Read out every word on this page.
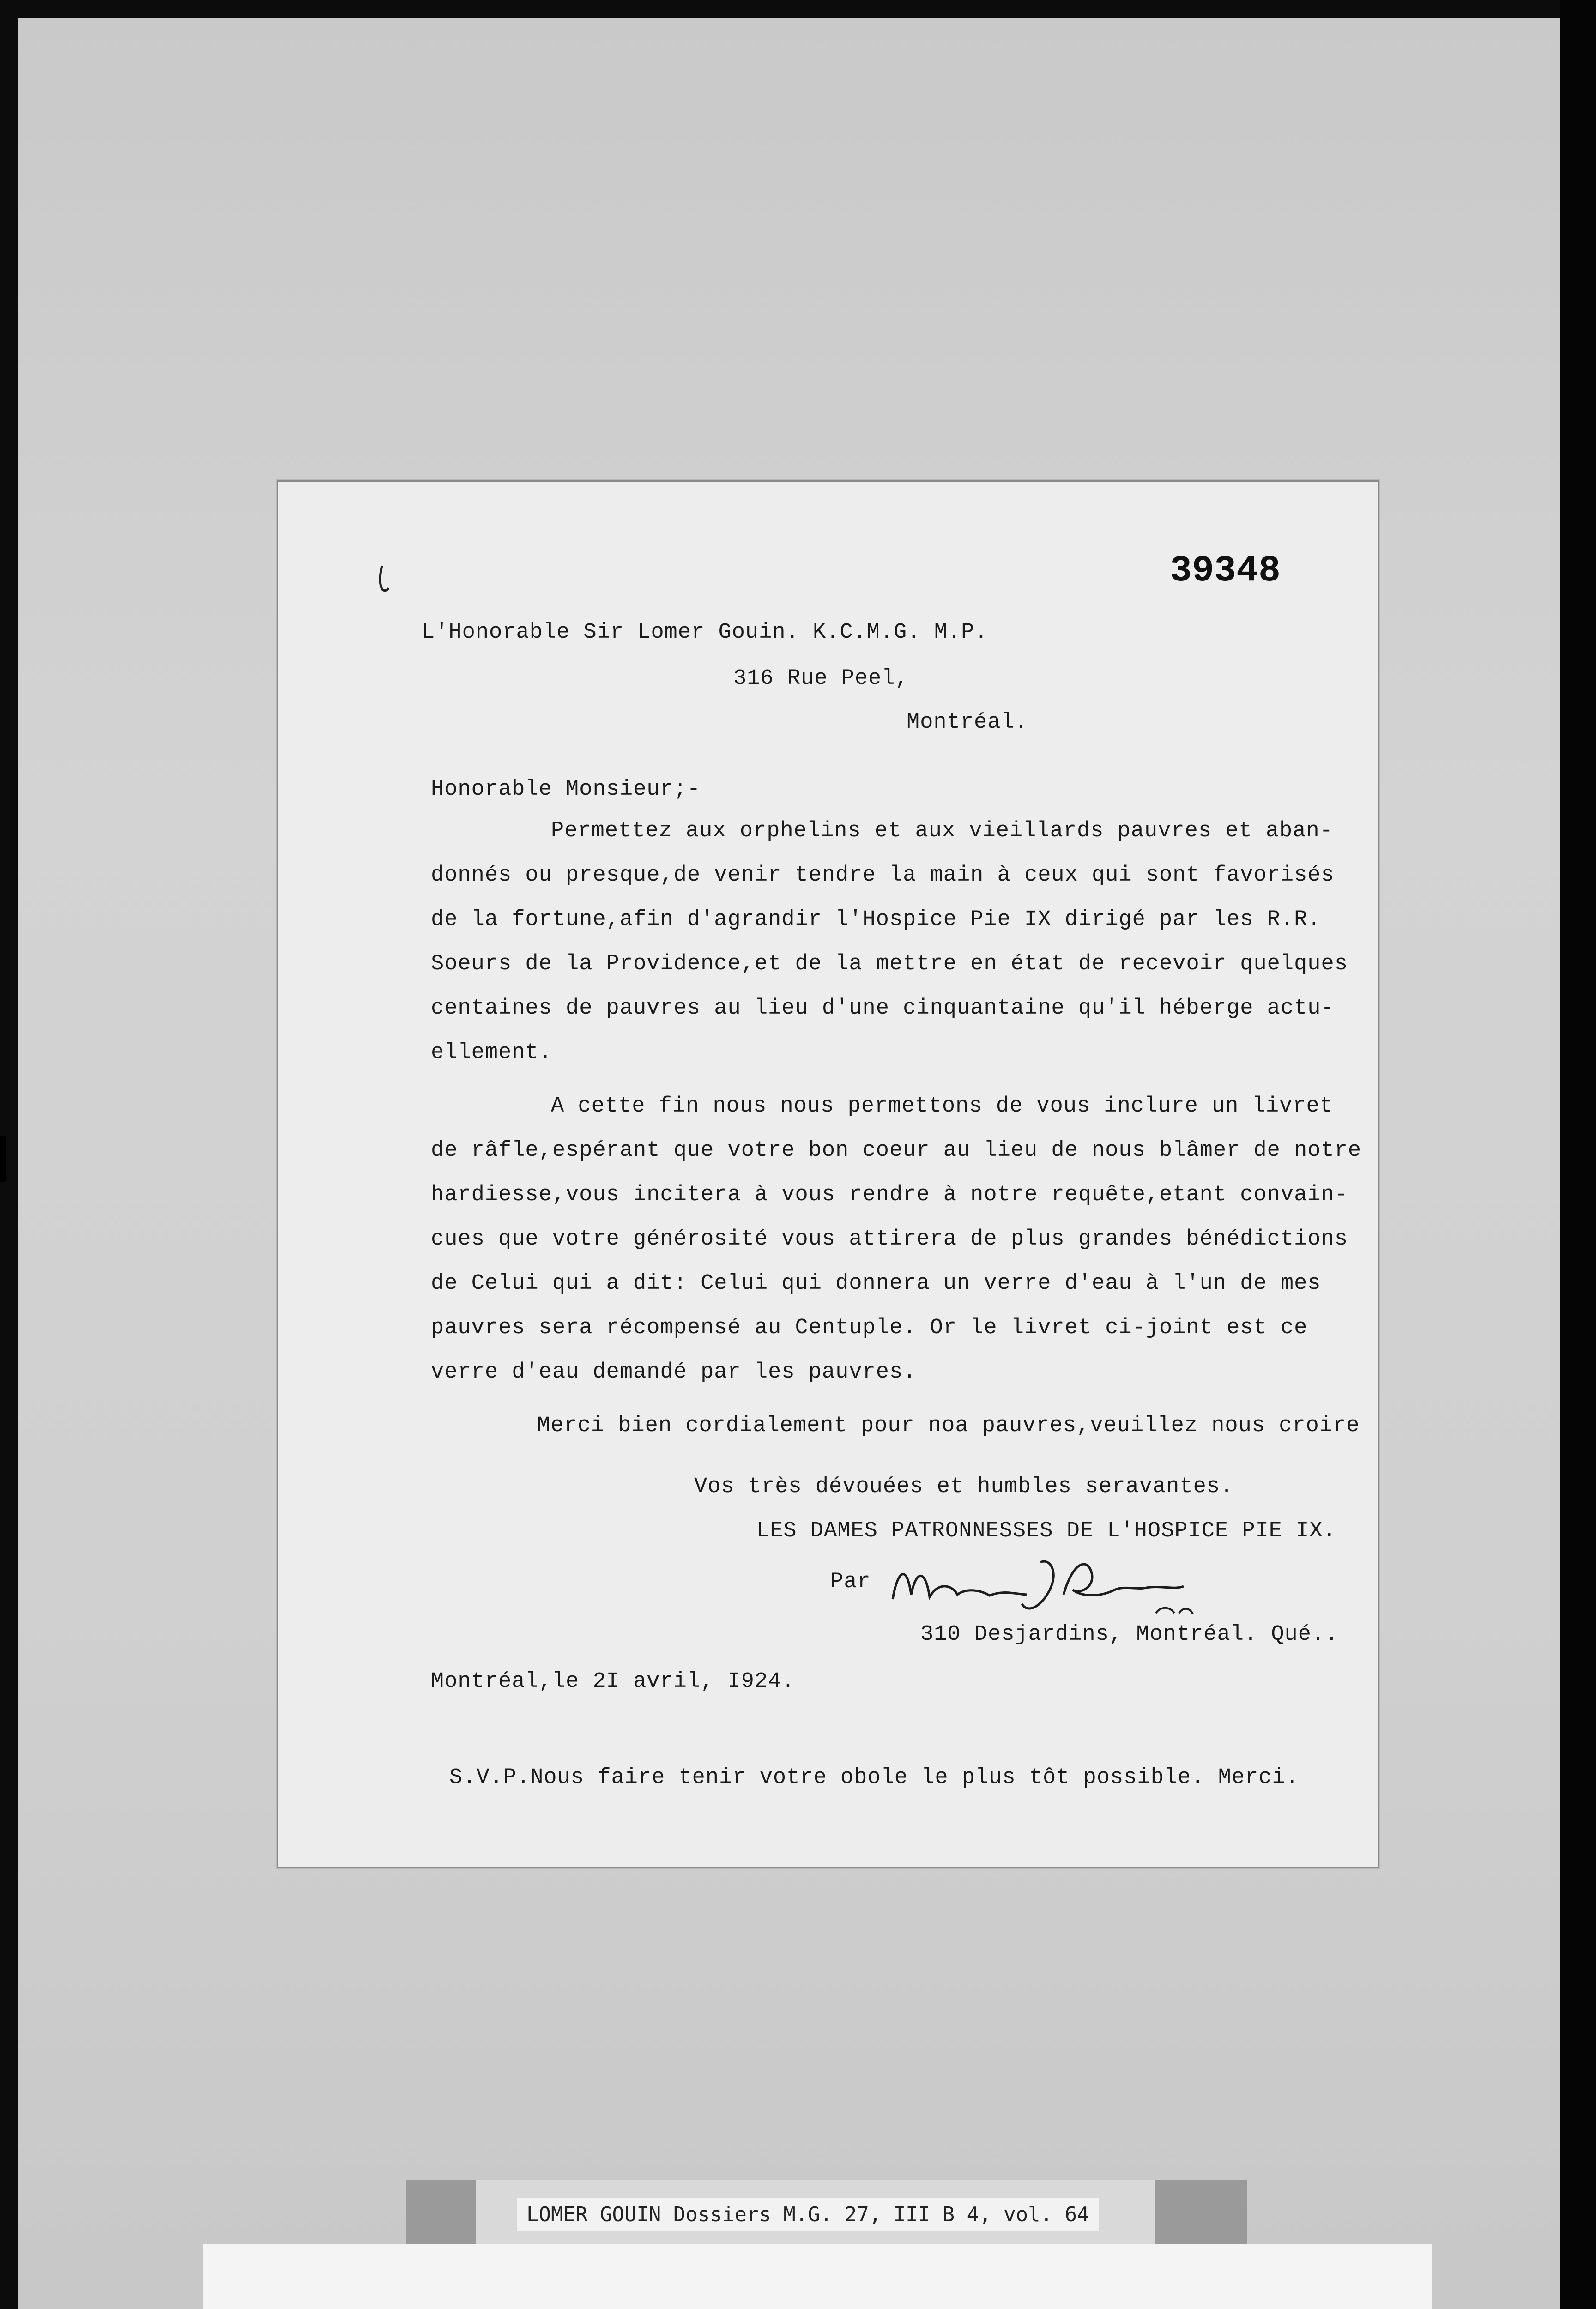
39348
L'Honorable Sir Lomer Gouin. K.C.M.G. M.P.
316 Rue Peel,
Montréal.
Honorable Monsieur;-
Permettez aux orphelins et aux vieillards pauvres et aban-
donnés ou presque,de venir tendre la main à ceux qui sont favorisés
de la fortune,afin d'agrandir l'Hospice Pie IX dirigé par les R.R.
Soeurs de la Providence,et de la mettre en état de recevoir quelques
centaines de pauvres au lieu d'une cinquantaine qu'il héberge actu-
ellement.
A cette fin nous nous permettons de vous inclure un livret
de râfle,espérant que votre bon coeur au lieu de nous blâmer de notre
hardiesse,vous incitera à vous rendre à notre requête,etant convain-
cues que votre générosité vous attirera de plus grandes bénédictions
de Celui qui a dit: Celui qui donnera un verre d'eau à l'un de mes
pauvres sera récompensé au Centuple. Or le livret ci-joint est ce
verre d'eau demandé par les pauvres.
Merci bien cordialement pour noa pauvres,veuillez nous croire
Vos très dévouées et humbles seravantes.
LES DAMES PATRONNESSES DE L'HOSPICE PIE IX.
Par
310 Desjardins, Montréal. Qué..
Montréal,le 2I avril, I924.
S.V.P.Nous faire tenir votre obole le plus tôt possible. Merci.
LOMER GOUIN Dossiers M.G. 27, III B 4, vol. 64
